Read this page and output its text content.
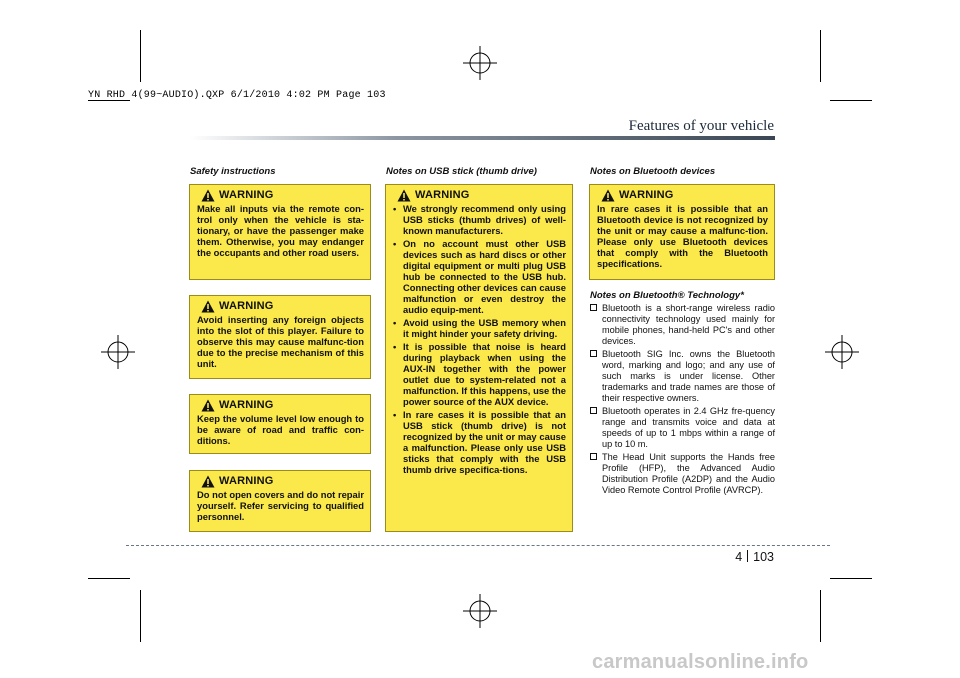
YN RHD 4(99~AUDIO).QXP 6/1/2010 4:02 PM Page 103
Features of your vehicle
Safety instructions
WARNING
Make all inputs via the remote con-trol only when the vehicle is sta-tionary, or have the passenger make them. Otherwise, you may endanger the occupants and other road users.
WARNING
Avoid inserting any foreign objects into the slot of this player. Failure to observe this may cause malfunc-tion due to the precise mechanism of this unit.
WARNING
Keep the volume level low enough to be aware of road and traffic con-ditions.
WARNING
Do not open covers and do not repair yourself. Refer servicing to qualified personnel.
Notes on USB stick (thumb drive)
WARNING
• We strongly recommend only using USB sticks (thumb drives) of well-known manufacturers.
• On no account must other USB devices such as hard discs or other digital equipment or multi plug USB hub be connected to the USB hub. Connecting other devices can cause malfunction or even destroy the audio equip-ment.
• Avoid using the USB memory when it might hinder your safety driving.
• It is possible that noise is heard during playback when using the AUX-IN together with the power outlet due to system-related not a malfunction. If this happens, use the power source of the AUX device.
• In rare cases it is possible that an USB stick (thumb drive) is not recognized by the unit or may cause a malfunction. Please only use USB sticks that comply with the USB thumb drive specifica-tions.
Notes on Bluetooth devices
WARNING
In rare cases it is possible that an Bluetooth device is not recognized by the unit or may cause a malfunc-tion. Please only use Bluetooth devices that comply with the Bluetooth specifications.
Notes on Bluetooth® Technology*
Bluetooth is a short-range wireless radio connectivity technology used mainly for mobile phones, hand-held PC's and other devices.
Bluetooth SIG Inc. owns the Bluetooth word, marking and logo; and any use of such marks is under license. Other trademarks and trade names are those of their respective owners.
Bluetooth operates in 2.4 GHz fre-quency range and transmits voice and data at speeds of up to 1 mbps within a range of up to 10 m.
The Head Unit supports the Hands free Profile (HFP), the Advanced Audio Distribution Profile (A2DP) and the Audio Video Remote Control Profile (AVRCP).
4 103
carmanualsonline.info
